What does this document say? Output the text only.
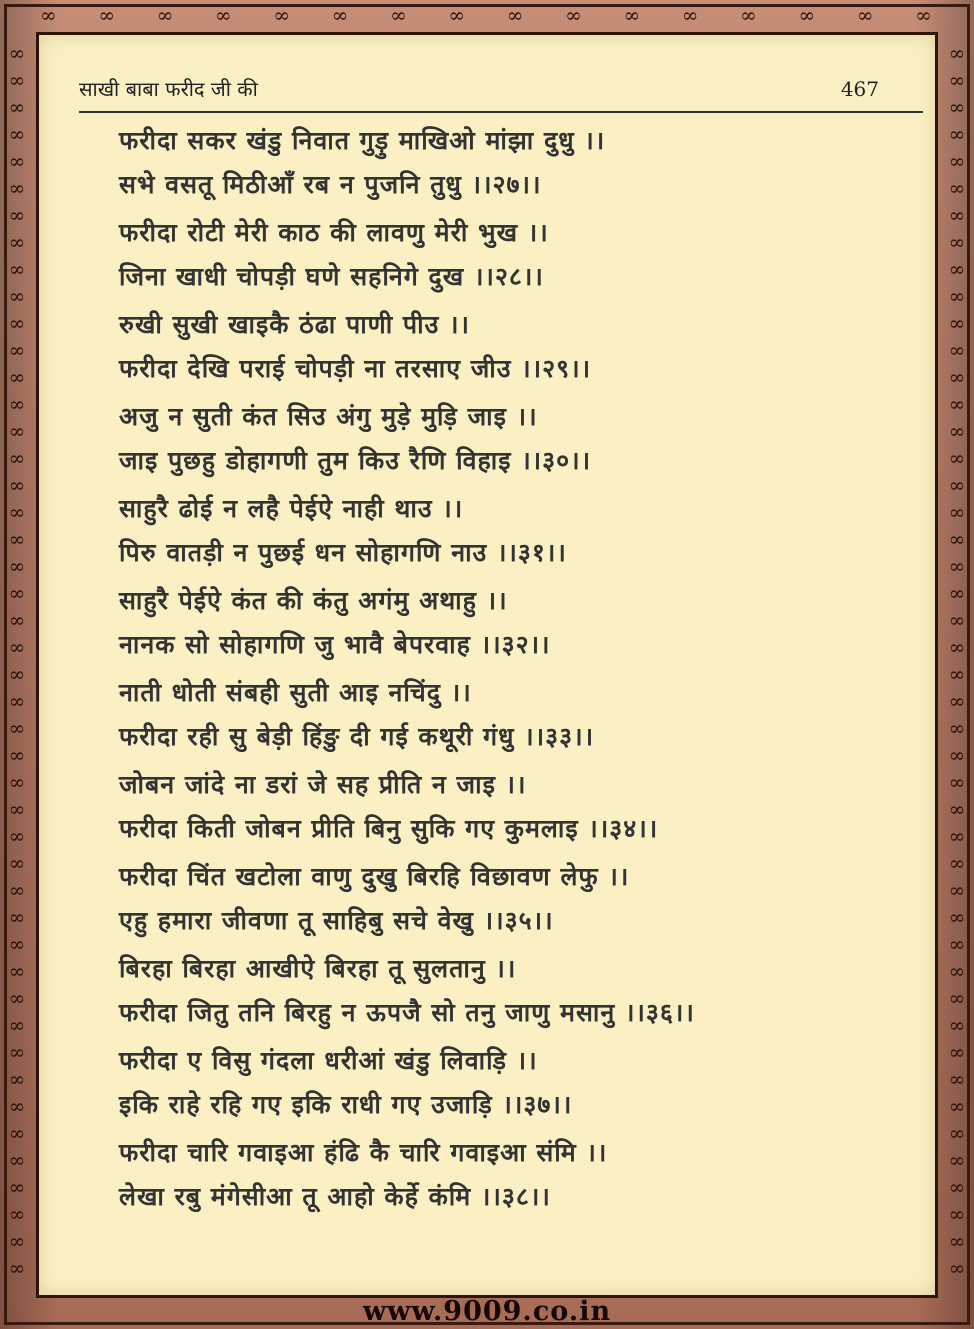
∞ ∞ ∞ ∞ ∞ ∞ ∞ ∞ ∞ ∞ ∞ ∞ ∞ ∞ ∞ ∞
∞
∞
∞
∞
∞
∞
∞
∞
∞
∞
∞
∞
∞
∞
∞
∞
∞
∞
∞
∞
∞
∞
∞
∞
∞
∞
∞
∞
∞
∞
∞
∞
∞
∞
∞
∞
∞
∞
∞
∞
∞
∞
∞
∞
∞
∞
∞
∞
∞
∞
∞
∞
∞
∞
∞
∞
∞
∞
∞
∞
∞
∞
∞
∞
∞
∞
∞
∞
∞
∞
∞
∞
∞
∞
∞
∞
∞
∞
∞
∞
∞
∞
∞
∞
∞
∞
∞
∞
∞
∞
∞
∞
साखी बाबा फरीद जी की	467
फरीदा सकर खंडु निवात गुड़ु माखिओ मांझा दुधु ।।
सभे वसतू मिठीआँ रब न पुजनि तुधु ।।२७।।
फरीदा रोटी मेरी काठ की लावणु मेरी भुख ।।
जिना खाधी चोपड़ी घणे सहनिगे दुख ।।२८।।
रुखी सुखी खाइकै ठंढा पाणी पीउ ।।
फरीदा देखि पराई चोपड़ी ना तरसाए जीउ ।।२९।।
अजु न सुती कंत सिउ अंगु मुड़े मुड़ि जाइ ।।
जाइ पुछहु डोहागणी तुम किउ रैणि विहाइ ।।३०।।
साहुरै ढोई न लहै पेईऐ नाही थाउ ।।
पिरु वातड़ी न पुछई धन सोहागणि नाउ ।।३१।।
साहुरै पेईऐ कंत की कंतु अगंमु अथाहु ।।
नानक सो सोहागणि जु भावै बेपरवाह ।।३२।।
नाती धोती संबही सुती आइ नचिंदु ।।
फरीदा रही सु बेड़ी हिंङु दी गई कथूरी गंधु ।।३३।।
जोबन जांदे ना डरां जे सह प्रीति न जाइ ।।
फरीदा किती जोबन प्रीति बिनु सुकि गए कुमलाइ ।।३४।।
फरीदा चिंत खटोला वाणु दुखु बिरहि विछावण लेफु ।।
एहु हमारा जीवणा तू साहिबु सचे वेखु ।।३५।।
बिरहा बिरहा आखीऐ बिरहा तू सुलतानु ।।
फरीदा जितु तनि बिरहु न ऊपजै सो तनु जाणु मसानु ।।३६।।
फरीदा ए विसु गंदला धरीआं खंडु लिवाड़ि ।।
इकि राहे रहि गए इकि राधी गए उजाड़ि ।।३७।।
फरीदा चारि गवाइआ हंढि कै चारि गवाइआ संमि ।।
लेखा रबु मंगेसीआ तू आहो केर्हे कंमि ।।३८।।
www.9009.co.in
